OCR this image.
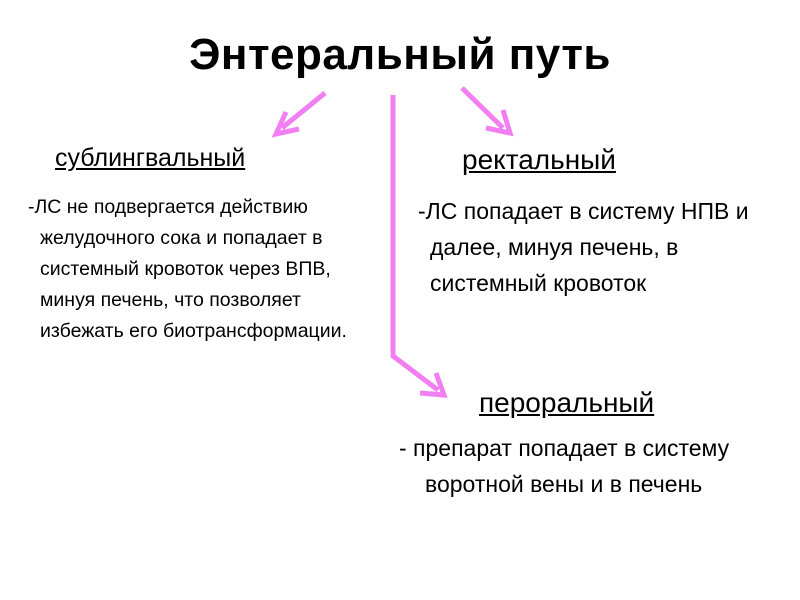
Энтеральный путь
сублингвальный

-ЛС не подвергается действию желудочного сока и попадает в системный кровоток через ВПВ, минуя печень, что позволяет избежать его биотрансформации.

ректальный

-ЛС попадает в систему НПВ и далее, минуя печень, в системный кровоток

пероральный

- препарат попадает в систему воротной вены и в печень
